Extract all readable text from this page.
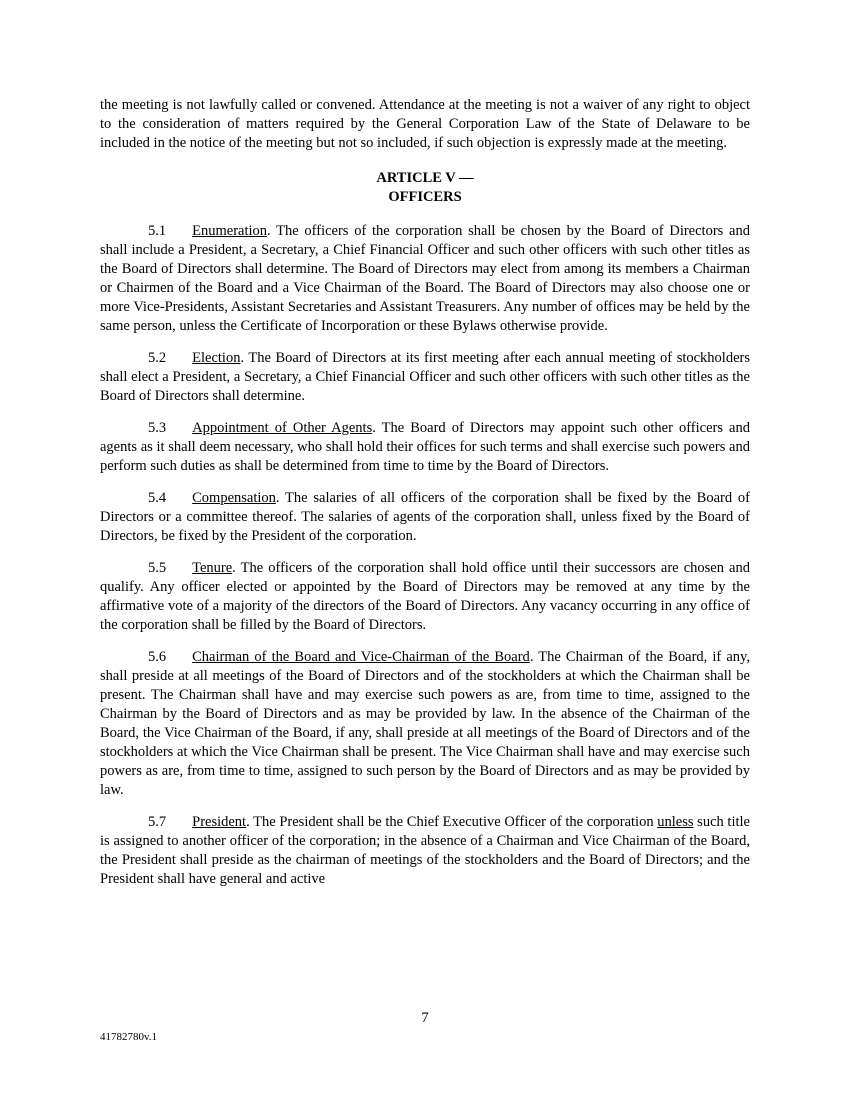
the meeting is not lawfully called or convened. Attendance at the meeting is not a waiver of any right to object to the consideration of matters required by the General Corporation Law of the State of Delaware to be included in the notice of the meeting but not so included, if such objection is expressly made at the meeting.

ARTICLE V —
OFFICERS

5.1 Enumeration. The officers of the corporation shall be chosen by the Board of Directors and shall include a President, a Secretary, a Chief Financial Officer and such other officers with such other titles as the Board of Directors shall determine. The Board of Directors may elect from among its members a Chairman or Chairmen of the Board and a Vice Chairman of the Board. The Board of Directors may also choose one or more Vice-Presidents, Assistant Secretaries and Assistant Treasurers. Any number of offices may be held by the same person, unless the Certificate of Incorporation or these Bylaws otherwise provide.

5.2 Election. The Board of Directors at its first meeting after each annual meeting of stockholders shall elect a President, a Secretary, a Chief Financial Officer and such other officers with such other titles as the Board of Directors shall determine.

5.3 Appointment of Other Agents. The Board of Directors may appoint such other officers and agents as it shall deem necessary, who shall hold their offices for such terms and shall exercise such powers and perform such duties as shall be determined from time to time by the Board of Directors.

5.4 Compensation. The salaries of all officers of the corporation shall be fixed by the Board of Directors or a committee thereof. The salaries of agents of the corporation shall, unless fixed by the Board of Directors, be fixed by the President of the corporation.

5.5 Tenure. The officers of the corporation shall hold office until their successors are chosen and qualify. Any officer elected or appointed by the Board of Directors may be removed at any time by the affirmative vote of a majority of the directors of the Board of Directors. Any vacancy occurring in any office of the corporation shall be filled by the Board of Directors.

5.6 Chairman of the Board and Vice-Chairman of the Board. The Chairman of the Board, if any, shall preside at all meetings of the Board of Directors and of the stockholders at which the Chairman shall be present. The Chairman shall have and may exercise such powers as are, from time to time, assigned to the Chairman by the Board of Directors and as may be provided by law. In the absence of the Chairman of the Board, the Vice Chairman of the Board, if any, shall preside at all meetings of the Board of Directors and of the stockholders at which the Vice Chairman shall be present. The Vice Chairman shall have and may exercise such powers as are, from time to time, assigned to such person by the Board of Directors and as may be provided by law.

5.7 President. The President shall be the Chief Executive Officer of the corporation unless such title is assigned to another officer of the corporation; in the absence of a Chairman and Vice Chairman of the Board, the President shall preside as the chairman of meetings of the stockholders and the Board of Directors; and the President shall have general and active

7
41782780v.1
